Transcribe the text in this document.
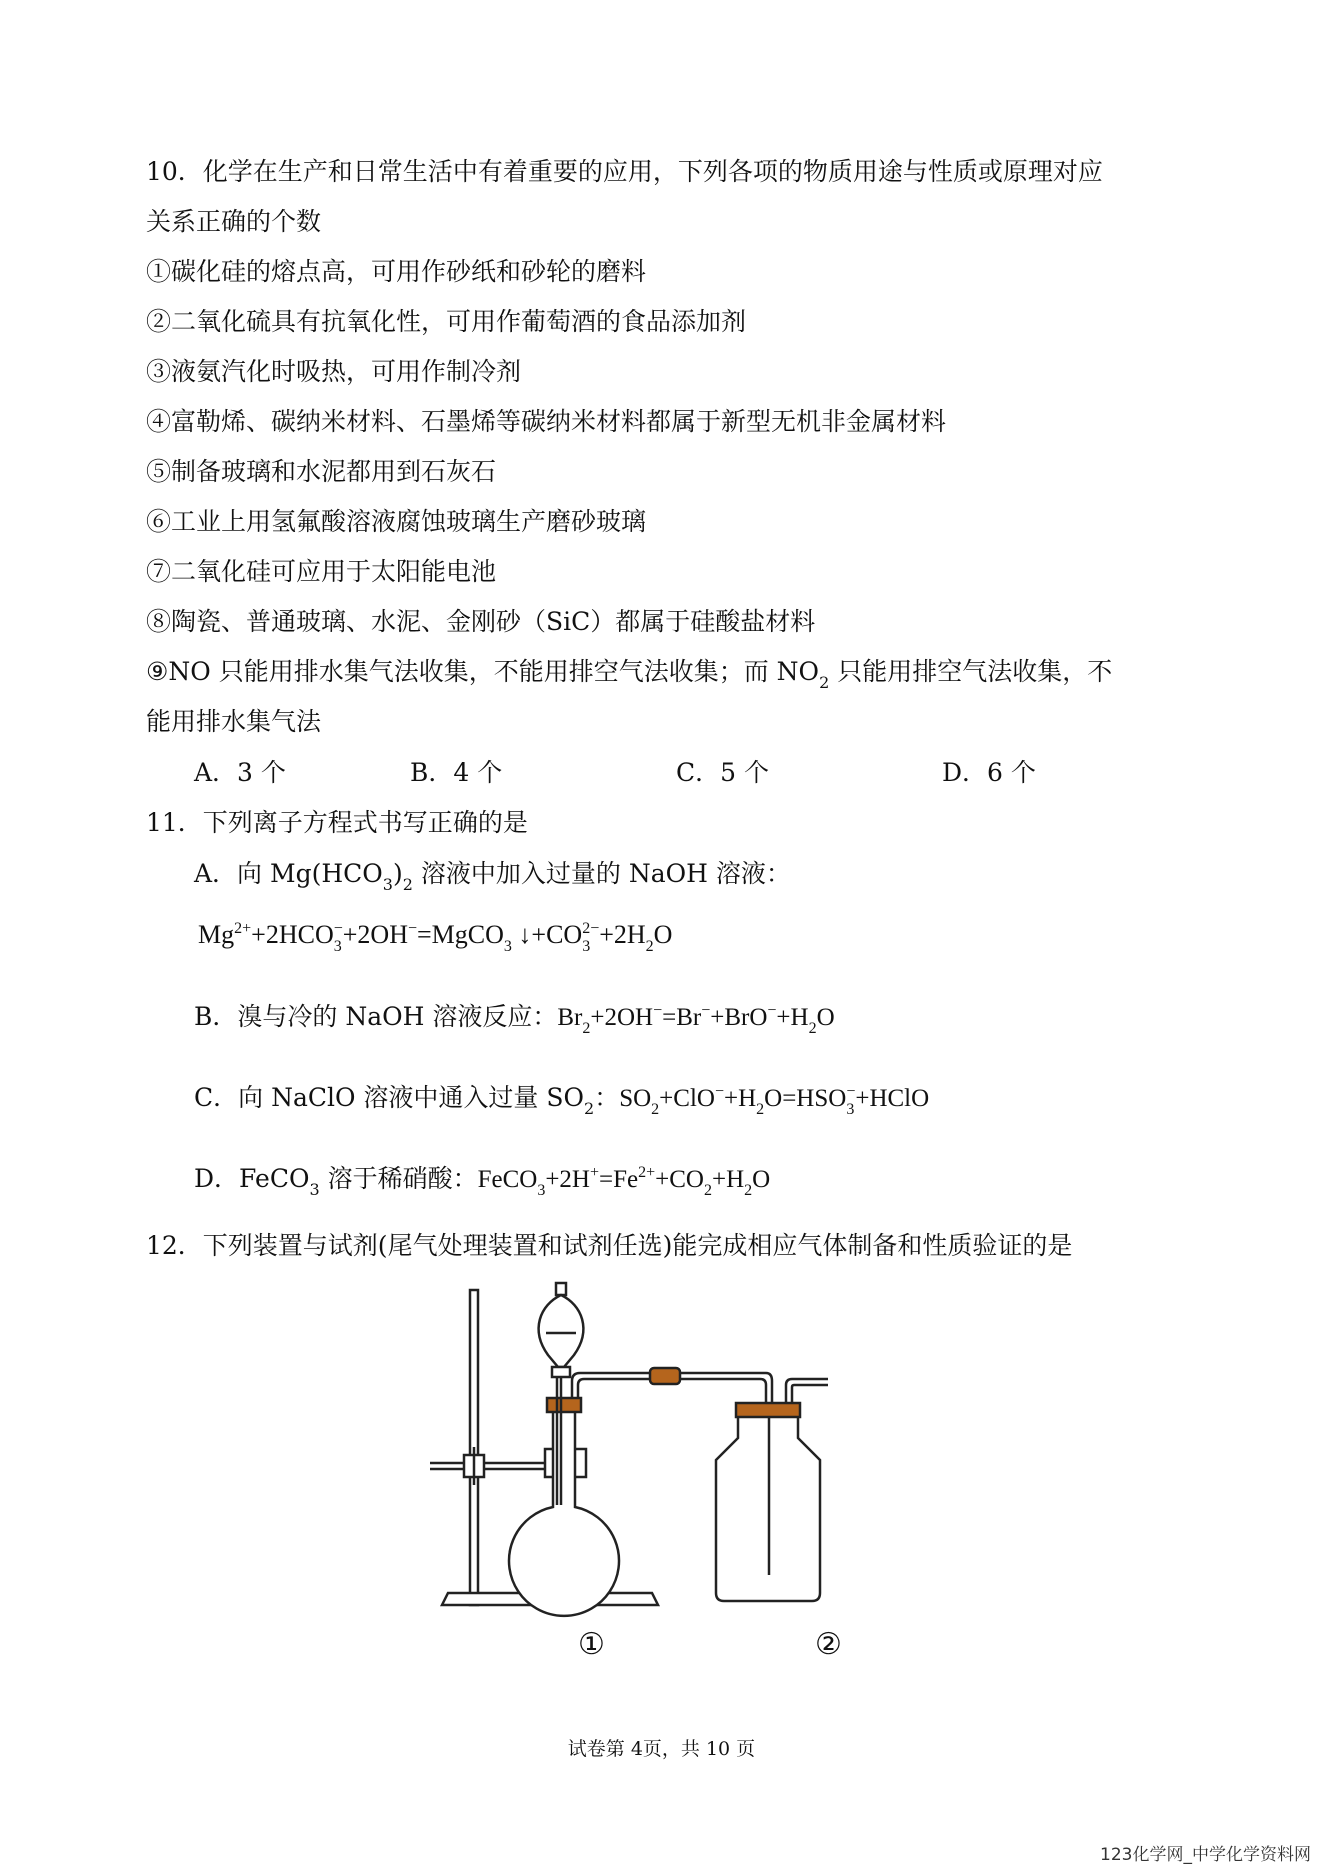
10．化学在生产和日常生活中有着重要的应用，下列各项的物质用途与性质或原理对应
关系正确的个数
①碳化硅的熔点高，可用作砂纸和砂轮的磨料
②二氧化硫具有抗氧化性，可用作葡萄酒的食品添加剂
③液氨汽化时吸热，可用作制冷剂
④富勒烯、碳纳米材料、石墨烯等碳纳米材料都属于新型无机非金属材料
⑤制备玻璃和水泥都用到石灰石
⑥工业上用氢氟酸溶液腐蚀玻璃生产磨砂玻璃
⑦二氧化硅可应用于太阳能电池
⑧陶瓷、普通玻璃、水泥、金刚砂（SiC）都属于硅酸盐材料
⑨NO 只能用排水集气法收集，不能用排空气法收集；而 $NO_2$ 只能用排空气法收集，不
能用排水集气法
A．3 个	B．4 个	C．5 个	D．6 个
11．下列离子方程式书写正确的是
A．向 $Mg(HCO_3)_2$ 溶液中加入过量的 NaOH 溶液：
$Mg^{2+}+2HCO_3^-+2OH^-=MgCO_3$ $↓+CO_3^{2-}+2H_2O$
B．溴与冷的 NaOH 溶液反应：$Br_2+2OH^-=Br^-+BrO^-+H_2O$
C．向 NaClO 溶液中通入过量 $SO_2$：$SO_2+ClO^-+H_2O=HSO_3^-+HClO$
D．FeCO$_3$ 溶于稀硝酸：$FeCO_3+2H^+=Fe^{2+}+CO_2+H_2O$
12．下列装置与试剂(尾气处理装置和试剂任选)能完成相应气体制备和性质验证的是
①	②
试卷第 4页，共 10 页
123化学网_中学化学资料网
